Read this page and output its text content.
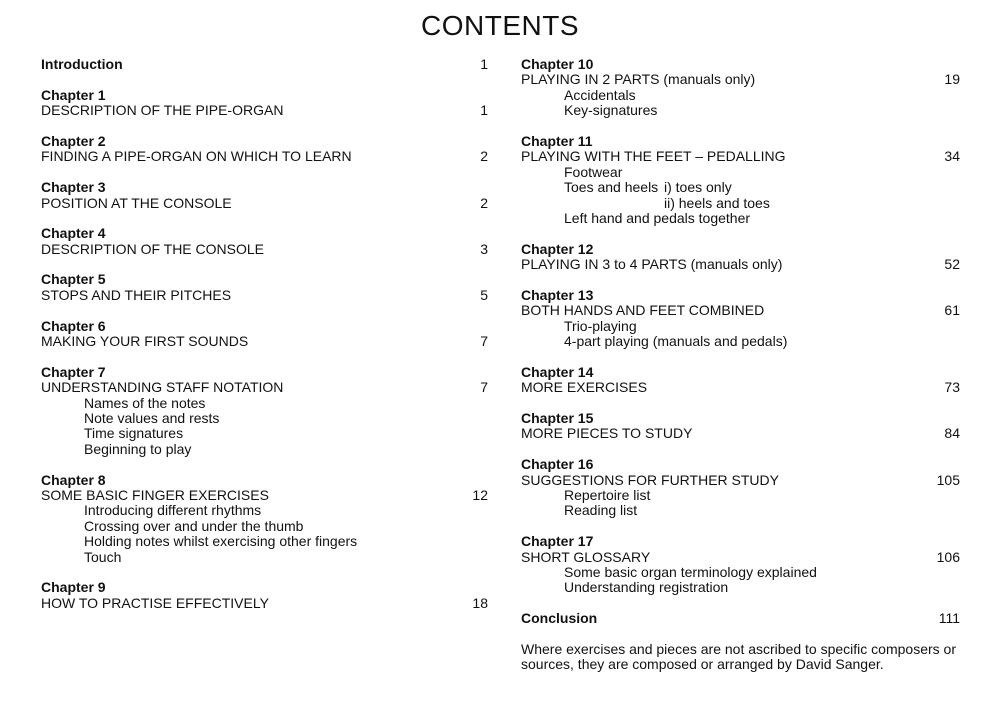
CONTENTS
Introduction	1
Chapter 1
DESCRIPTION OF THE PIPE-ORGAN	1
Chapter 2
FINDING A PIPE-ORGAN ON WHICH TO LEARN	2
Chapter 3
POSITION AT THE CONSOLE	2
Chapter 4
DESCRIPTION OF THE CONSOLE	3
Chapter 5
STOPS AND THEIR PITCHES	5
Chapter 6
MAKING YOUR FIRST SOUNDS	7
Chapter 7
UNDERSTANDING STAFF NOTATION	7
Names of the notes
Note values and rests
Time signatures
Beginning to play
Chapter 8
SOME BASIC FINGER EXERCISES	12
Introducing different rhythms
Crossing over and under the thumb
Holding notes whilst exercising other fingers
Touch
Chapter 9
HOW TO PRACTISE EFFECTIVELY	18
Chapter 10
PLAYING IN 2 PARTS (manuals only)	19
Accidentals
Key-signatures
Chapter 11
PLAYING WITH THE FEET – PEDALLING	34
Footwear
Toes and heels i) toes only
ii) heels and toes
Left hand and pedals together
Chapter 12
PLAYING IN 3 to 4 PARTS (manuals only)	52
Chapter 13
BOTH HANDS AND FEET COMBINED	61
Trio-playing
4-part playing (manuals and pedals)
Chapter 14
MORE EXERCISES	73
Chapter 15
MORE PIECES TO STUDY	84
Chapter 16
SUGGESTIONS FOR FURTHER STUDY	105
Repertoire list
Reading list
Chapter 17
SHORT GLOSSARY	106
Some basic organ terminology explained
Understanding registration
Conclusion	111
Where exercises and pieces are not ascribed to specific composers or
sources, they are composed or arranged by David Sanger.
